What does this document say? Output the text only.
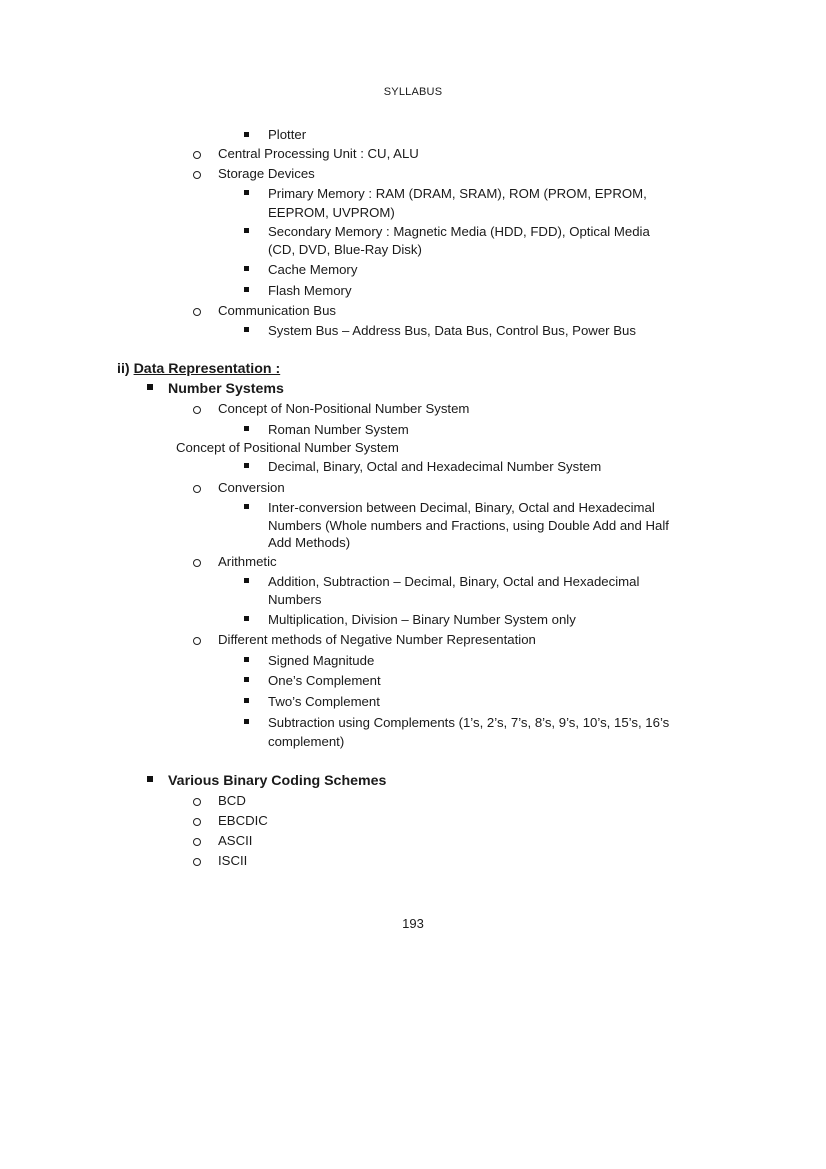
SYLLABUS
Plotter
Central Processing Unit : CU, ALU
Storage Devices
Primary Memory : RAM (DRAM, SRAM), ROM (PROM, EPROM,
EEPROM, UVPROM)
Secondary Memory : Magnetic Media (HDD, FDD), Optical Media
(CD, DVD, Blue-Ray Disk)
Cache Memory
Flash Memory
Communication Bus
System Bus – Address Bus, Data Bus, Control Bus, Power Bus
ii) Data Representation :
Number Systems
Concept of Non-Positional Number System
Roman Number System
Concept of Positional Number System
Decimal, Binary, Octal and Hexadecimal Number System
Conversion
Inter-conversion between Decimal, Binary, Octal and Hexadecimal
Numbers (Whole numbers and Fractions, using Double Add and Half
Add Methods)
Arithmetic
Addition, Subtraction – Decimal, Binary, Octal and Hexadecimal
Numbers
Multiplication, Division – Binary Number System only
Different methods of Negative Number Representation
Signed Magnitude
One’s Complement
Two’s Complement
Subtraction using Complements (1’s, 2’s, 7’s, 8’s, 9’s, 10’s, 15’s, 16’s
complement)
Various Binary Coding Schemes
BCD
EBCDIC
ASCII
ISCII
193
